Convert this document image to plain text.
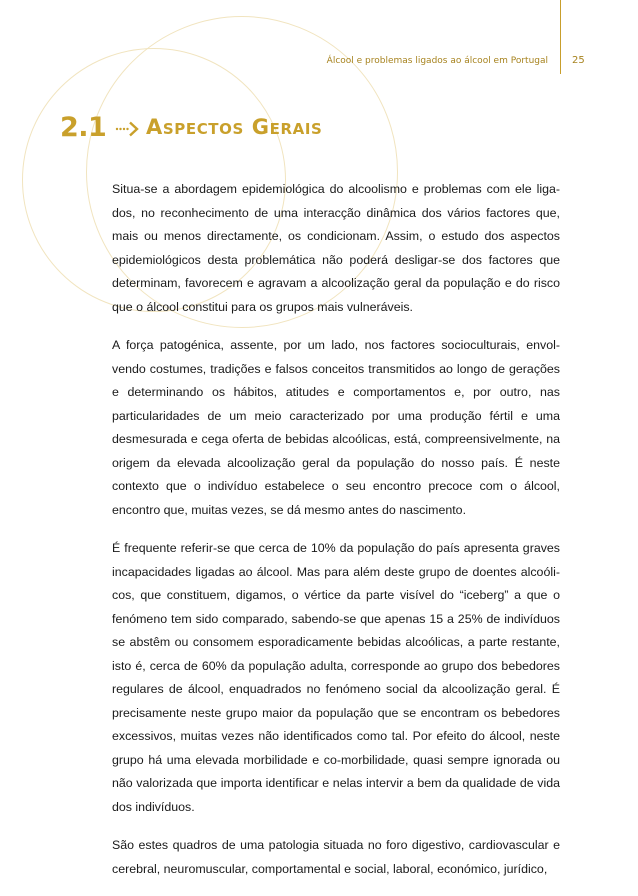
Álcool e problemas ligados ao álcool em Portugal 25
2.1 Aspectos Gerais

Situa-se a abordagem epidemiológica do alcoolismo e problemas com ele ligados, no reconhecimento de uma interacção dinâmica dos vários factores que, mais ou menos directamente, os condicionam. Assim, o estudo dos aspectos epidemiológicos desta problemática não poderá desligar-se dos factores que determinam, favorecem e agravam a alcoolização geral da população e do risco que o álcool constitui para os grupos mais vulneráveis.

A força patogénica, assente, por um lado, nos factores socioculturais, envolvendo costumes, tradições e falsos conceitos transmitidos ao longo de gerações e determinando os hábitos, atitudes e comportamentos e, por outro, nas particularidades de um meio caracterizado por uma produção fértil e uma desmesurada e cega oferta de bebidas alcoólicas, está, compreensivelmente, na origem da elevada alcoolização geral da população do nosso país. É neste contexto que o indivíduo estabelece o seu encontro precoce com o álcool, encontro que, muitas vezes, se dá mesmo antes do nascimento.

É frequente referir-se que cerca de 10% da população do país apresenta graves incapacidades ligadas ao álcool. Mas para além deste grupo de doentes alcoólicos, que constituem, digamos, o vértice da parte visível do “iceberg” a que o fenómeno tem sido comparado, sabendo-se que apenas 15 a 25% de indivíduos se abstêm ou consomem esporadicamente bebidas alcoólicas, a parte restante, isto é, cerca de 60% da população adulta, corresponde ao grupo dos bebedores regulares de álcool, enquadrados no fenómeno social da alcoolização geral. É precisamente neste grupo maior da população que se encontram os bebedores excessivos, muitas vezes não identificados como tal. Por efeito do álcool, neste grupo há uma elevada morbilidade e co-morbilidade, quasi sempre ignorada ou não valorizada que importa identificar e nelas intervir a bem da qualidade de vida dos indivíduos.

São estes quadros de uma patologia situada no foro digestivo, cardiovascular e cerebral, neuromuscular, comportamental e social, laboral, económico, jurídico,
